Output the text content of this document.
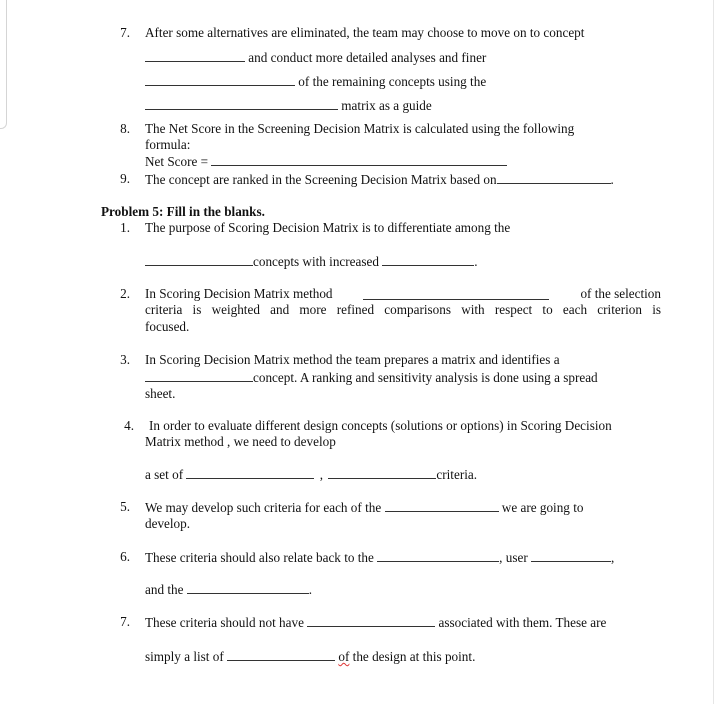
7. After some alternatives are eliminated, the team may choose to move on to concept
and conduct more detailed analyses and finer
of the remaining concepts using the
matrix as a guide
8. The Net Score in the Screening Decision Matrix is calculated using the following
formula:
Net Score =
9. The concept are ranked in the Screening Decision Matrix based on	.
Problem 5: Fill in the blanks.
1. The purpose of Scoring Decision Matrix is to differentiate among the
concepts with increased	.
2. In Scoring Decision Matrix method	of the selection
criteria is weighted and more refined comparisons with respect to each criterion is
focused.
3. In Scoring Decision Matrix method the team prepares a matrix and identifies a
concept. A ranking and sensitivity analysis is done using a spread
sheet.
4. In order to evaluate different design concepts (solutions or options) in Scoring Decision
Matrix method , we need to develop
a set of	,	criteria.
5. We may develop such criteria for each of the	we are going to
develop.
6. These criteria should also relate back to the	, user	,
and the	.
7. These criteria should not have	associated with them. These are
simply a list of	of the design at this point.
